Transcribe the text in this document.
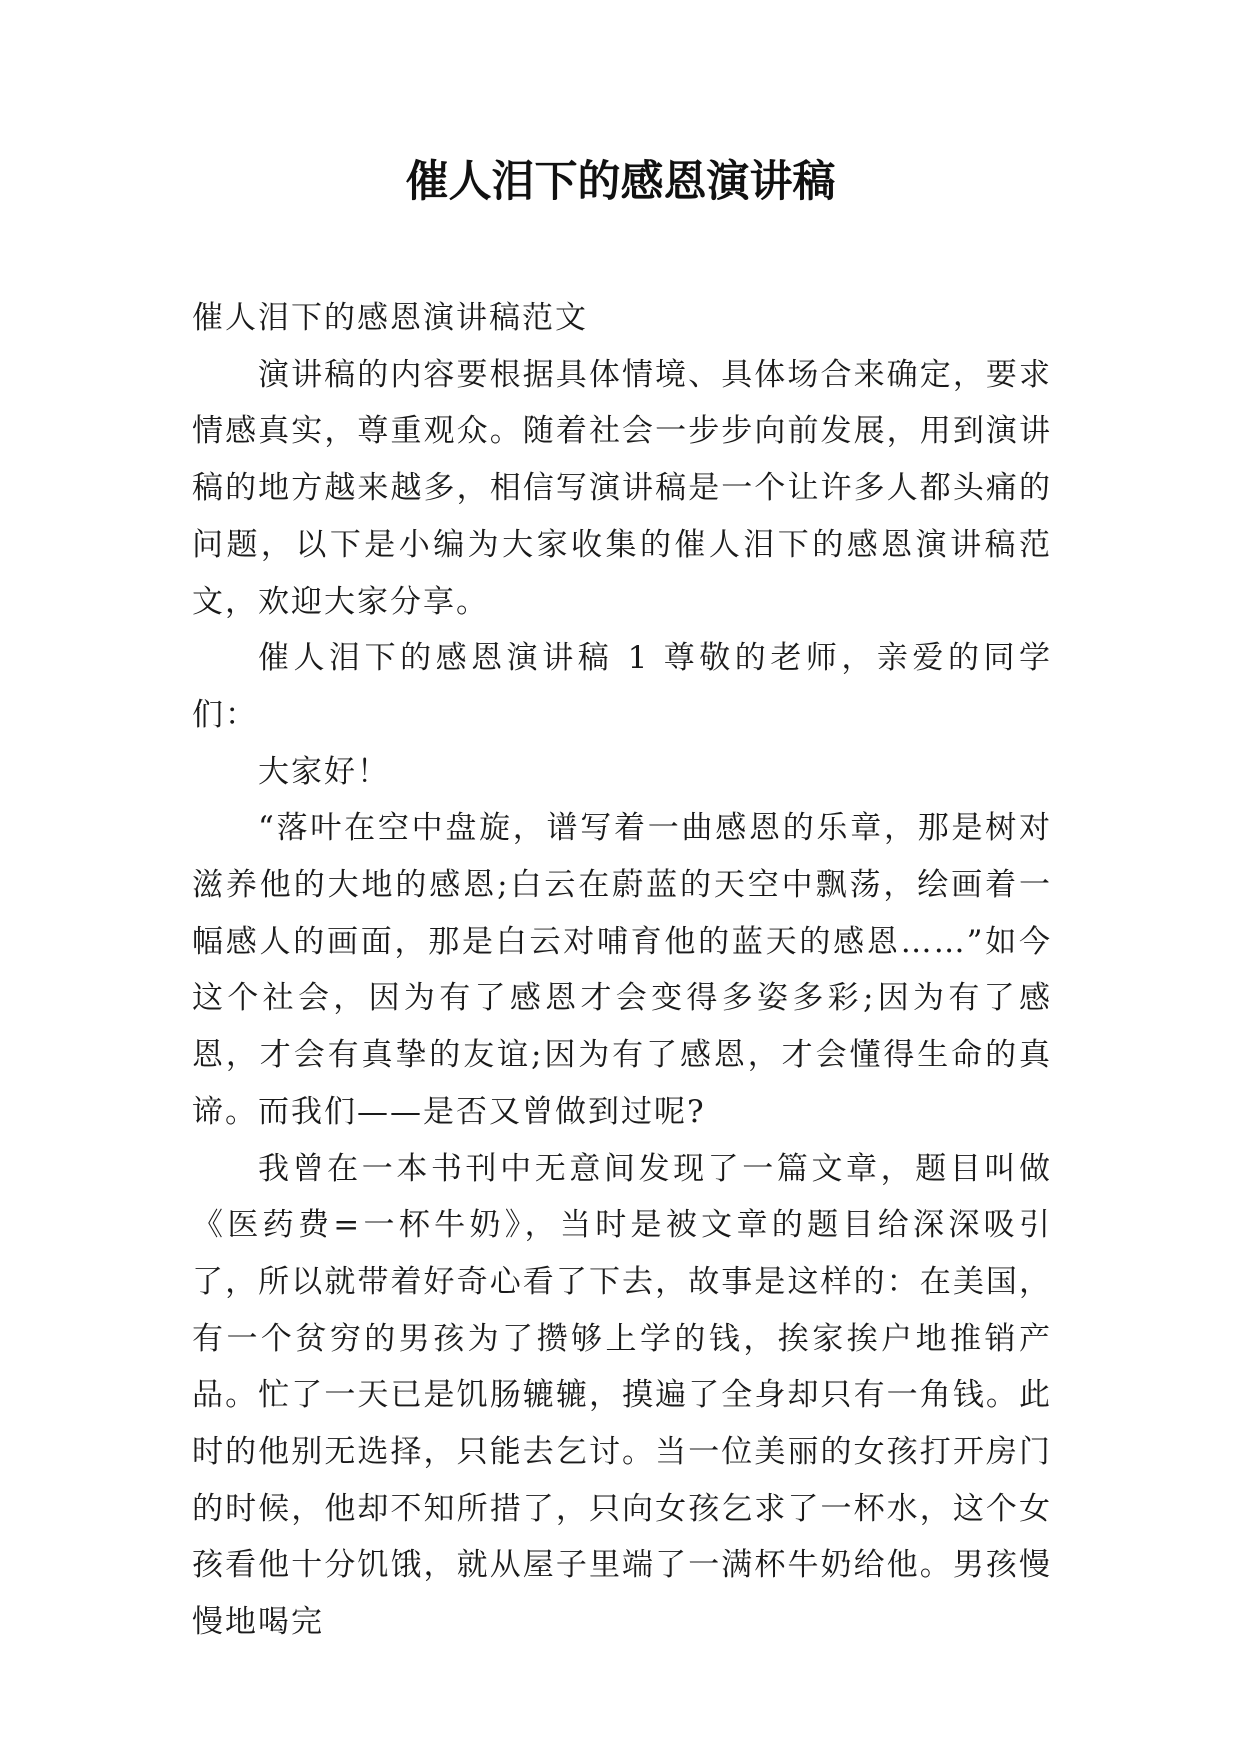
催人泪下的感恩演讲稿

催人泪下的感恩演讲稿范文

演讲稿的内容要根据具体情境、具体场合来确定，要求情感真实，尊重观众。随着社会一步步向前发展，用到演讲稿的地方越来越多，相信写演讲稿是一个让许多人都头痛的问题，以下是小编为大家收集的催人泪下的感恩演讲稿范文，欢迎大家分享。

催人泪下的感恩演讲稿 1 尊敬的老师，亲爱的同学们：

大家好！

“落叶在空中盘旋，谱写着一曲感恩的乐章，那是树对滋养他的大地的感恩;白云在蔚蓝的天空中飘荡，绘画着一幅感人的画面，那是白云对哺育他的蓝天的感恩……”如今这个社会，因为有了感恩才会变得多姿多彩;因为有了感恩，才会有真挚的友谊;因为有了感恩，才会懂得生命的真谛。而我们——是否又曾做到过呢?

我曾在一本书刊中无意间发现了一篇文章，题目叫做《医药费=一杯牛奶》，当时是被文章的题目给深深吸引了，所以就带着好奇心看了下去，故事是这样的：在美国，有一个贫穷的男孩为了攒够上学的钱，挨家挨户地推销产品。忙了一天已是饥肠辘辘，摸遍了全身却只有一角钱。此时的他别无选择，只能去乞讨。当一位美丽的女孩打开房门的时候，他却不知所措了，只向女孩乞求了一杯水，这个女孩看他十分饥饿，就从屋子里端了一满杯牛奶给他。男孩慢慢地喝完
